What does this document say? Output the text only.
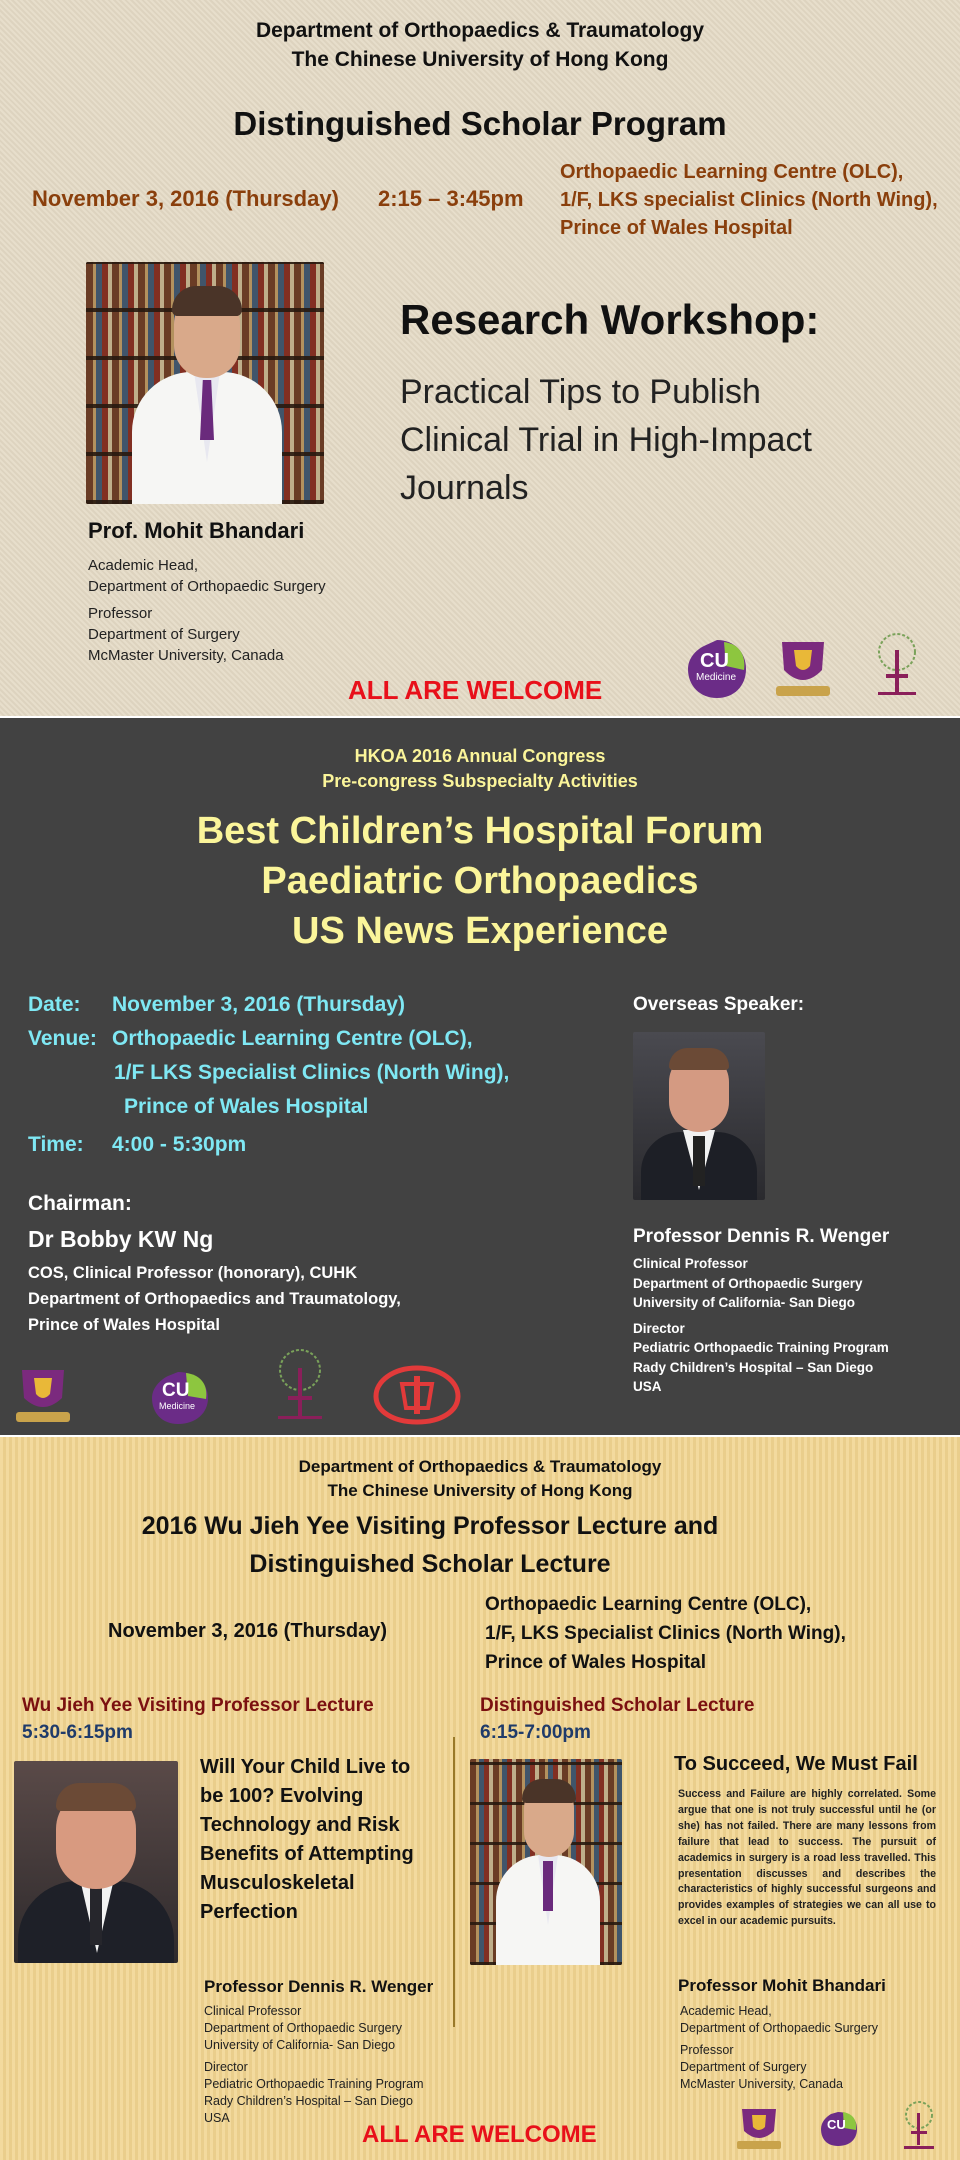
Department of Orthopaedics & Traumatology
The Chinese University of Hong Kong
Distinguished Scholar Program
November 3, 2016 (Thursday) 2:15 – 3:45pm
Orthopaedic Learning Centre (OLC),
1/F, LKS specialist Clinics (North Wing),
Prince of Wales Hospital
Research Workshop:
Practical Tips to Publish
Clinical Trial in High-Impact
Journals
Prof. Mohit Bhandari
Academic Head,
Department of Orthopaedic Surgery
Professor
Department of Surgery
McMaster University, Canada
ALL ARE WELCOME
CU
Medicine
HKOA 2016 Annual Congress
Pre-congress Subspecialty Activities
Best Children’s Hospital Forum
Paediatric Orthopaedics
US News Experience
Date: November 3, 2016 (Thursday)
Venue: Orthopaedic Learning Centre (OLC),
1/F LKS Specialist Clinics (North Wing),
Prince of Wales Hospital
Time: 4:00 - 5:30pm
Chairman:
Dr Bobby KW Ng
COS, Clinical Professor (honorary), CUHK
Department of Orthopaedics and Traumatology,
Prince of Wales Hospital
Overseas Speaker:
Professor Dennis R. Wenger
Clinical Professor
Department of Orthopaedic Surgery
University of California- San Diego
Director
Pediatric Orthopaedic Training Program
Rady Children’s Hospital – San Diego
USA
CU
Medicine
Department of Orthopaedics & Traumatology
The Chinese University of Hong Kong
2016 Wu Jieh Yee Visiting Professor Lecture and
Distinguished Scholar Lecture
November 3, 2016 (Thursday)
Orthopaedic Learning Centre (OLC),
1/F, LKS Specialist Clinics (North Wing),
Prince of Wales Hospital
Wu Jieh Yee Visiting Professor Lecture
5:30-6:15pm
Will Your Child Live to
be 100? Evolving
Technology and Risk
Benefits of Attempting
Musculoskeletal
Perfection
Professor Dennis R. Wenger
Clinical Professor
Department of Orthopaedic Surgery
University of California- San Diego
Director
Pediatric Orthopaedic Training Program
Rady Children’s Hospital – San Diego
USA
Distinguished Scholar Lecture
6:15-7:00pm
To Succeed, We Must Fail
Success and Failure are highly correlated. Some argue that one is not truly successful until he (or she) has not failed. There are many lessons from failure that lead to success. The pursuit of academics in surgery is a road less travelled. This presentation discusses and describes the characteristics of highly successful surgeons and provides examples of strategies we can all use to excel in our academic pursuits.
Professor Mohit Bhandari
Academic Head,
Department of Orthopaedic Surgery
Professor
Department of Surgery
McMaster University, Canada
ALL ARE WELCOME	CU
